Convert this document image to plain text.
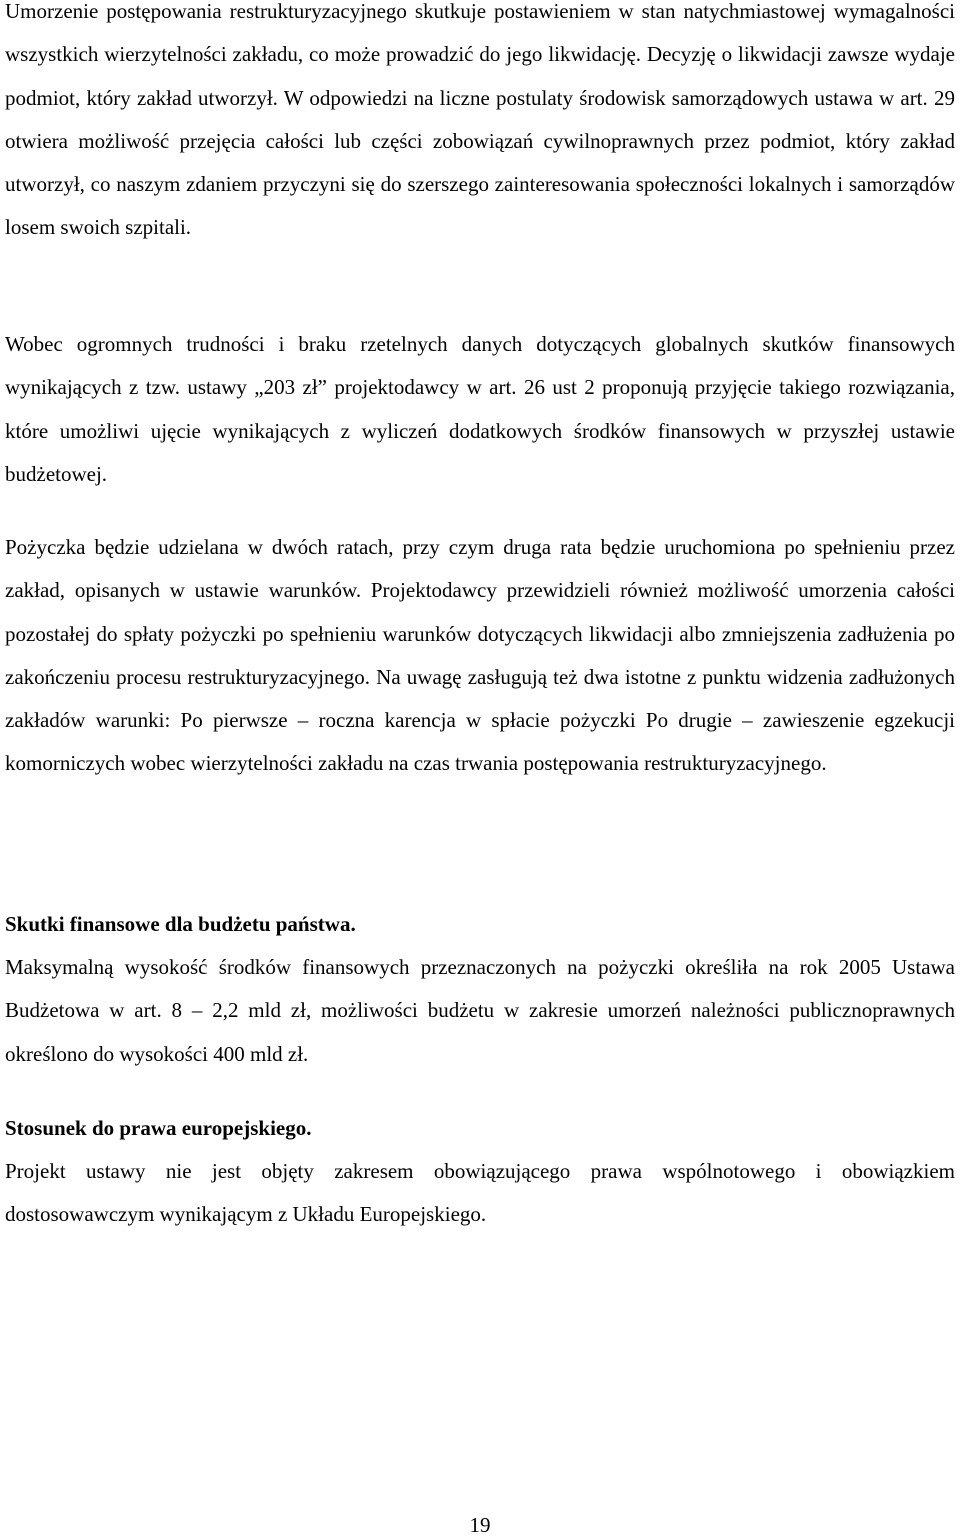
Umorzenie postępowania restrukturyzacyjnego skutkuje postawieniem w stan natychmiastowej wymagalności wszystkich wierzytelności zakładu, co może prowadzić do jego likwidację. Decyzję o likwidacji zawsze wydaje podmiot, który zakład utworzył. W odpowiedzi na liczne postulaty środowisk samorządowych ustawa w art. 29 otwiera możliwość przejęcia całości lub części zobowiązań cywilnoprawnych przez podmiot, który zakład utworzył, co naszym zdaniem przyczyni się do szerszego zainteresowania społeczności lokalnych i samorządów losem swoich szpitali.

Wobec ogromnych trudności i braku rzetelnych danych dotyczących globalnych skutków finansowych wynikających z tzw. ustawy „203 zł” projektodawcy w art. 26 ust 2 proponują przyjęcie takiego rozwiązania, które umożliwi ujęcie wynikających z wyliczeń dodatkowych środków finansowych w przyszłej ustawie budżetowej.

Pożyczka będzie udzielana w dwóch ratach, przy czym druga rata będzie uruchomiona po spełnieniu przez zakład, opisanych w ustawie warunków. Projektodawcy przewidzieli również możliwość umorzenia całości pozostałej do spłaty pożyczki po spełnieniu warunków dotyczących likwidacji albo zmniejszenia zadłużenia po zakończeniu procesu restrukturyzacyjnego. Na uwagę zasługują też dwa istotne z punktu widzenia zadłużonych zakładów warunki: Po pierwsze – roczna karencja w spłacie pożyczki Po drugie – zawieszenie egzekucji komorniczych wobec wierzytelności zakładu na czas trwania postępowania restrukturyzacyjnego.

Skutki finansowe dla budżetu państwa.

Maksymalną wysokość środków finansowych przeznaczonych na pożyczki określiła na rok 2005 Ustawa Budżetowa w art. 8 – 2,2 mld zł, możliwości budżetu w zakresie umorzeń należności publicznoprawnych określono do wysokości 400 mld zł.

Stosunek do prawa europejskiego.

Projekt ustawy nie jest objęty zakresem obowiązującego prawa wspólnotowego i obowiązkiem dostosowawczym wynikającym z Układu Europejskiego.

19
